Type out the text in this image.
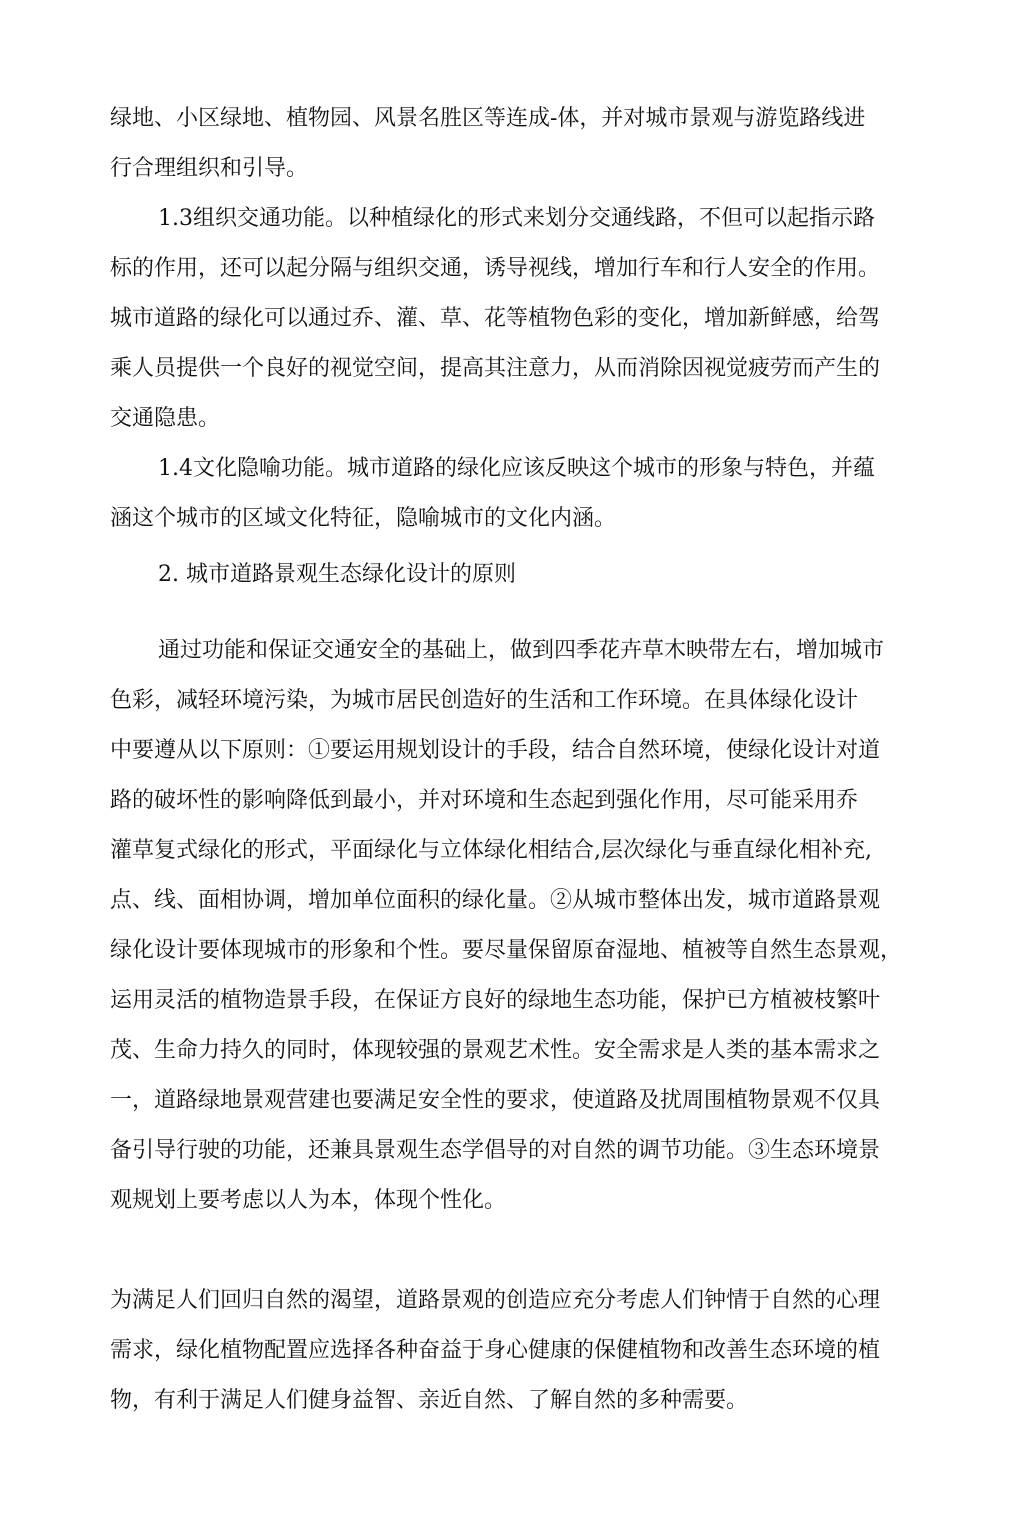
绿地、小区绿地、植物园、风景名胜区等连成-体，并对城市景观与游览路线进
行合理组织和引导。
1.3组织交通功能。以种植绿化的形式来划分交通线路，不但可以起指示路
标的作用，还可以起分隔与组织交通，诱导视线，增加行车和行人安全的作用。
城市道路的绿化可以通过乔、灌、草、花等植物色彩的变化，增加新鲜感，给驾
乘人员提供一个良好的视觉空间，提高其注意力，从而消除因视觉疲劳而产生的
交通隐患。
1.4文化隐喻功能。城市道路的绿化应该反映这个城市的形象与特色，并蕴
涵这个城市的区域文化特征，隐喻城市的文化内涵。
2. 城市道路景观生态绿化设计的原则
通过功能和保证交通安全的基础上，做到四季花卉草木映带左右，增加城市
色彩，减轻环境污染，为城市居民创造好的生活和工作环境。在具体绿化设计
中要遵从以下原则：①要运用规划设计的手段，结合自然环境，使绿化设计对道
路的破坏性的影响降低到最小，并对环境和生态起到强化作用，尽可能采用乔
灌草复式绿化的形式，平面绿化与立体绿化相结合,层次绿化与垂直绿化相补充,
点、线、面相协调，增加单位面积的绿化量。②从城市整体出发，城市道路景观
绿化设计要体现城市的形象和个性。要尽量保留原奋湿地、植被等自然生态景观，
运用灵活的植物造景手段，在保证方良好的绿地生态功能，保护已方植被枝繁叶
茂、生命力持久的同时，体现较强的景观艺术性。安全需求是人类的基本需求之
一，道路绿地景观营建也要满足安全性的要求，使道路及扰周围植物景观不仅具
备引导行驶的功能，还兼具景观生态学倡导的对自然的调节功能。③生态环境景
观规划上要考虑以人为本，体现个性化。
为满足人们回归自然的渴望，道路景观的创造应充分考虑人们钟情于自然的心理
需求，绿化植物配置应选择各种奋益于身心健康的保健植物和改善生态环境的植
物，有利于满足人们健身益智、亲近自然、了解自然的多种需要。
